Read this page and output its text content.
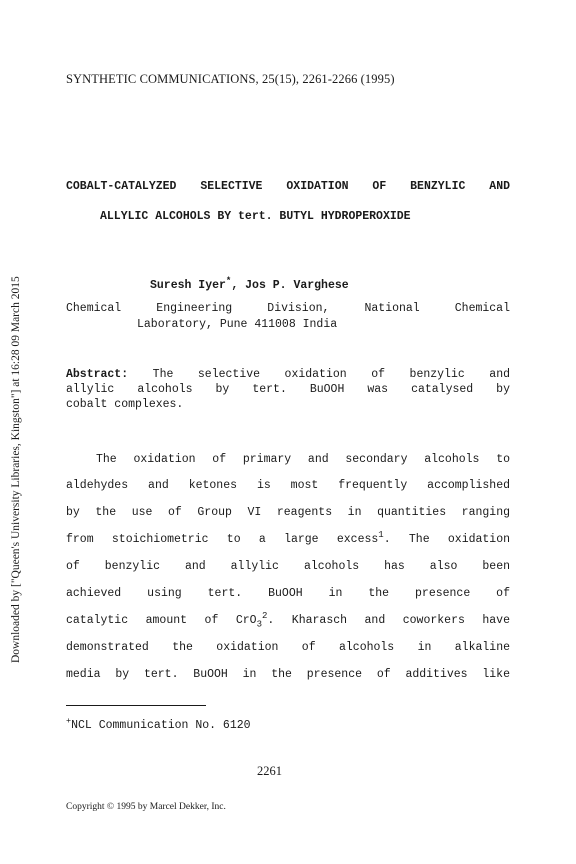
Downloaded by ["Queen's University Libraries, Kingston"] at 16:28 09 March 2015
SYNTHETIC COMMUNICATIONS, 25(15), 2261-2266 (1995)
COBALT-CATALYZED SELECTIVE OXIDATION OF BENZYLIC AND
ALLYLIC ALCOHOLS BY tert. BUTYL HYDROPEROXIDE
Suresh Iyer*, Jos P. Varghese
Chemical Engineering Division, National Chemical
Laboratory, Pune 411008 India
Abstract: The selective oxidation of benzylic and
allylic alcohols by tert. BuOOH was catalysed by
cobalt complexes.
The oxidation of primary and secondary alcohols to
aldehydes and ketones is most frequently accomplished
by the use of Group VI reagents in quantities ranging
from stoichiometric to a large excess$^1$. The oxidation
of benzylic and allylic alcohols has also been
achieved using tert. BuOOH in the presence of
catalytic amount of CrO$_3^2$. Kharasch and coworkers have
demonstrated the oxidation of alcohols in alkaline
media by tert. BuOOH in the presence of additives like
+NCL Communication No. 6120
2261
Copyright © 1995 by Marcel Dekker, Inc.
